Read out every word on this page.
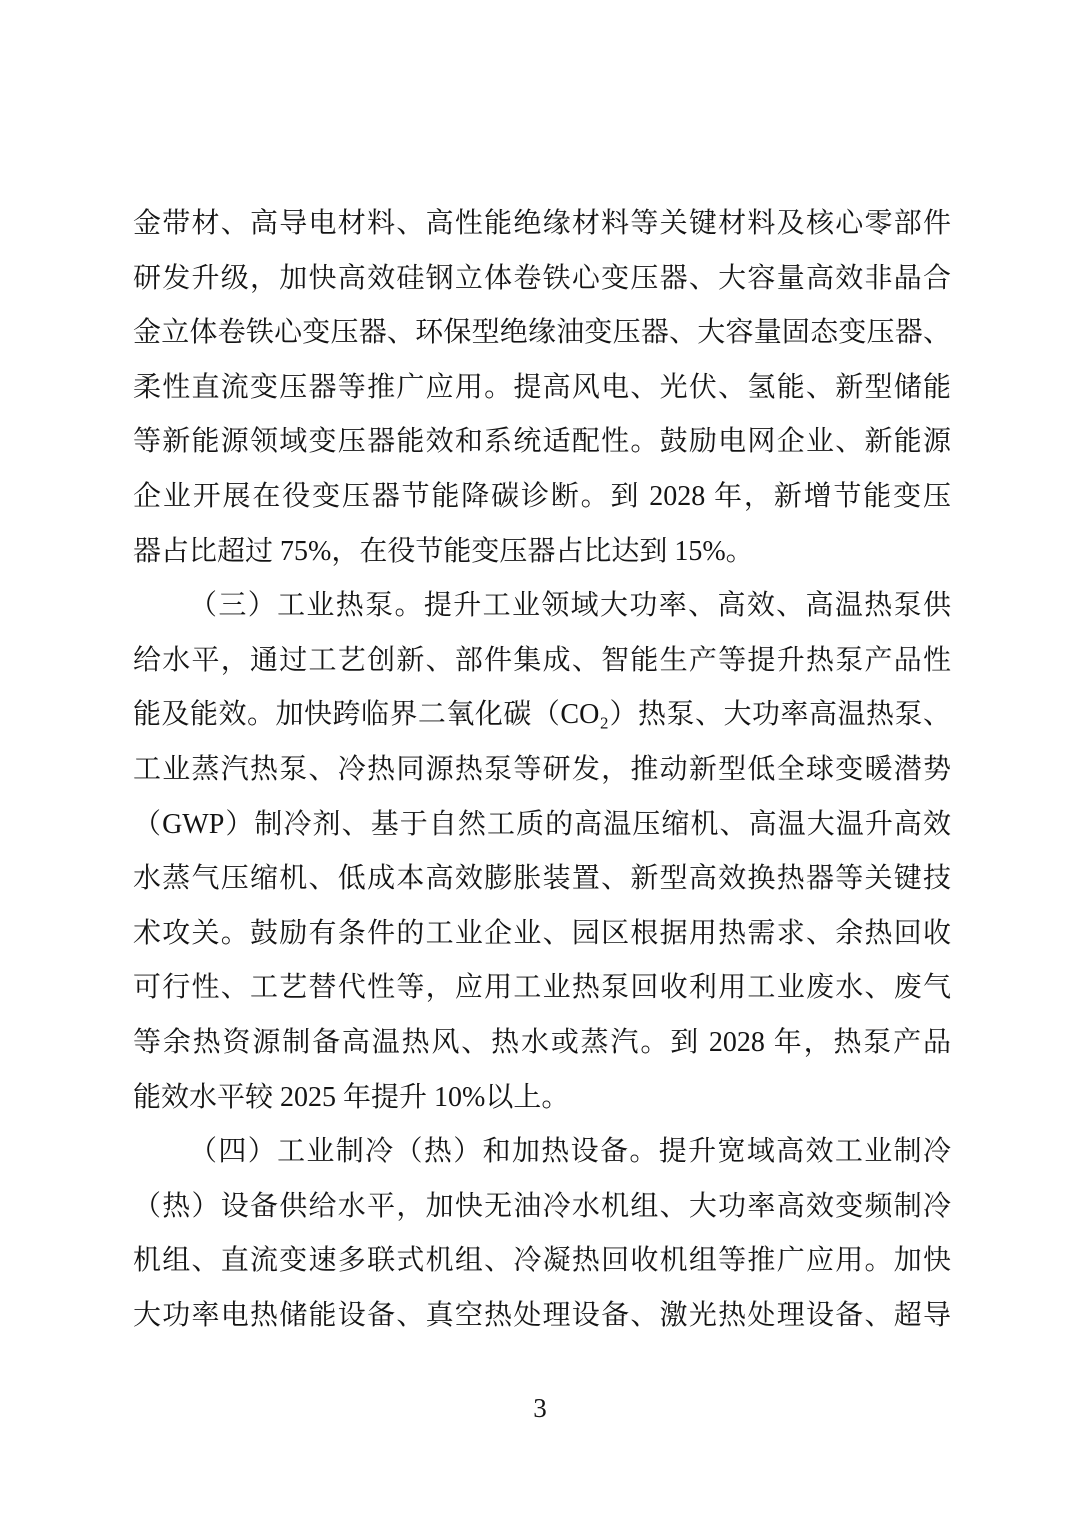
金带材、高导电材料、高性能绝缘材料等关键材料及核心零部件
研发升级，加快高效硅钢立体卷铁心变压器、大容量高效非晶合
金立体卷铁心变压器、环保型绝缘油变压器、大容量固态变压器、
柔性直流变压器等推广应用。提高风电、光伏、氢能、新型储能
等新能源领域变压器能效和系统适配性。鼓励电网企业、新能源
企业开展在役变压器节能降碳诊断。到 2028 年，新增节能变压
器占比超过 75%，在役节能变压器占比达到 15%。
（三）工业热泵。提升工业领域大功率、高效、高温热泵供
给水平，通过工艺创新、部件集成、智能生产等提升热泵产品性
能及能效。加快跨临界二氧化碳（CO₂）热泵、大功率高温热泵、
工业蒸汽热泵、冷热同源热泵等研发，推动新型低全球变暖潜势
（GWP）制冷剂、基于自然工质的高温压缩机、高温大温升高效
水蒸气压缩机、低成本高效膨胀装置、新型高效换热器等关键技
术攻关。鼓励有条件的工业企业、园区根据用热需求、余热回收
可行性、工艺替代性等，应用工业热泵回收利用工业废水、废气
等余热资源制备高温热风、热水或蒸汽。到 2028 年，热泵产品
能效水平较 2025 年提升 10%以上。
（四）工业制冷（热）和加热设备。提升宽域高效工业制冷
（热）设备供给水平，加快无油冷水机组、大功率高效变频制冷
机组、直流变速多联式机组、冷凝热回收机组等推广应用。加快
大功率电热储能设备、真空热处理设备、激光热处理设备、超导
3
